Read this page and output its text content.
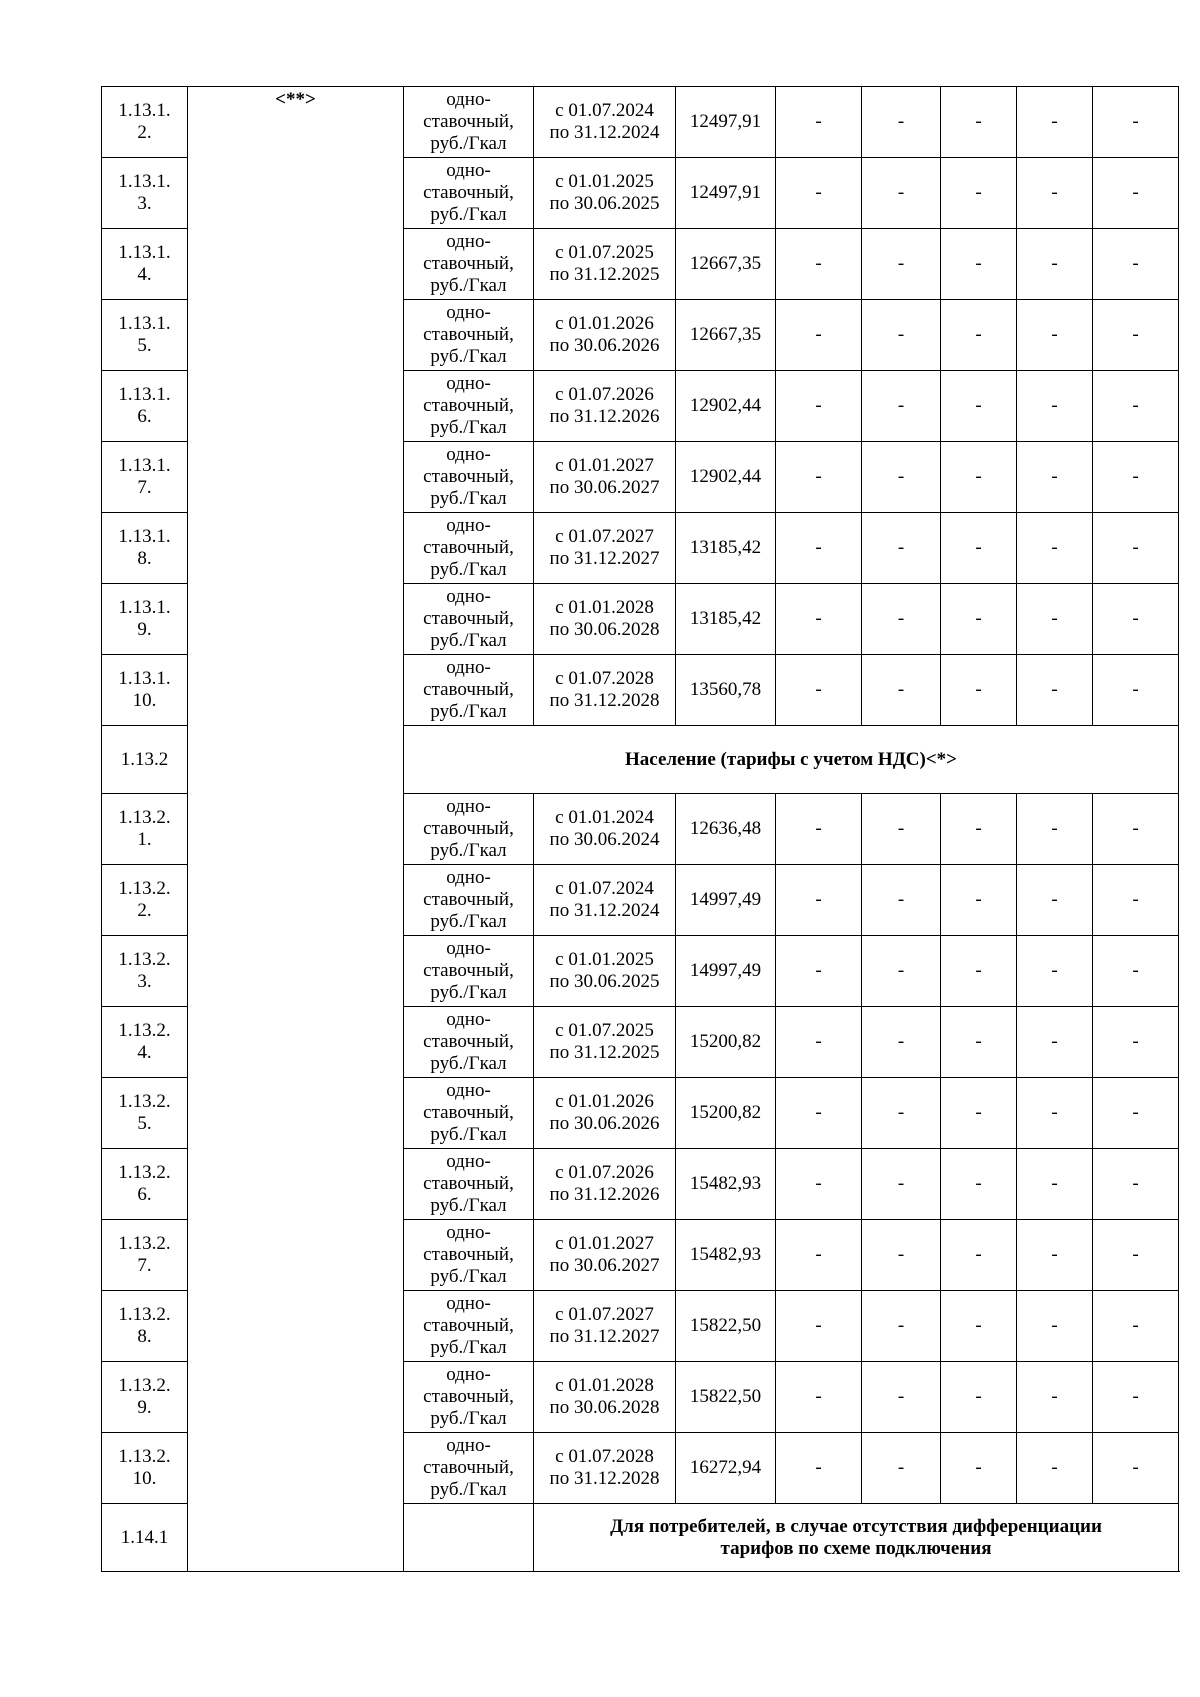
1.13.1.
2.	<**>	одно-
ставочный,
руб./Гкал	с 01.07.2024
по 31.12.2024	12497,91	-	-	-	-	-
1.13.1.
3.		одно-
ставочный,
руб./Гкал	с 01.01.2025
по 30.06.2025	12497,91	-	-	-	-	-
1.13.1.
4.		одно-
ставочный,
руб./Гкал	с 01.07.2025
по 31.12.2025	12667,35	-	-	-	-	-
1.13.1.
5.		одно-
ставочный,
руб./Гкал	с 01.01.2026
по 30.06.2026	12667,35	-	-	-	-	-
1.13.1.
6.		одно-
ставочный,
руб./Гкал	с 01.07.2026
по 31.12.2026	12902,44	-	-	-	-	-
1.13.1.
7.		одно-
ставочный,
руб./Гкал	с 01.01.2027
по 30.06.2027	12902,44	-	-	-	-	-
1.13.1.
8.		одно-
ставочный,
руб./Гкал	с 01.07.2027
по 31.12.2027	13185,42	-	-	-	-	-
1.13.1.
9.		одно-
ставочный,
руб./Гкал	с 01.01.2028
по 30.06.2028	13185,42	-	-	-	-	-
1.13.1.
10.		одно-
ставочный,
руб./Гкал	с 01.07.2028
по 31.12.2028	13560,78	-	-	-	-	-
1.13.2		Население (тарифы с учетом НДС)<*>							
1.13.2.
1.		одно-
ставочный,
руб./Гкал	с 01.01.2024
по 30.06.2024	12636,48	-	-	-	-	-
1.13.2.
2.		одно-
ставочный,
руб./Гкал	с 01.07.2024
по 31.12.2024	14997,49	-	-	-	-	-
1.13.2.
3.		одно-
ставочный,
руб./Гкал	с 01.01.2025
по 30.06.2025	14997,49	-	-	-	-	-
1.13.2.
4.		одно-
ставочный,
руб./Гкал	с 01.07.2025
по 31.12.2025	15200,82	-	-	-	-	-
1.13.2.
5.		одно-
ставочный,
руб./Гкал	с 01.01.2026
по 30.06.2026	15200,82	-	-	-	-	-
1.13.2.
6.		одно-
ставочный,
руб./Гкал	с 01.07.2026
по 31.12.2026	15482,93	-	-	-	-	-
1.13.2.
7.		одно-
ставочный,
руб./Гкал	с 01.01.2027
по 30.06.2027	15482,93	-	-	-	-	-
1.13.2.
8.		одно-
ставочный,
руб./Гкал	с 01.07.2027
по 31.12.2027	15822,50	-	-	-	-	-
1.13.2.
9.		одно-
ставочный,
руб./Гкал	с 01.01.2028
по 30.06.2028	15822,50	-	-	-	-	-
1.13.2.
10.		одно-
ставочный,
руб./Гкал	с 01.07.2028
по 31.12.2028	16272,94	-	-	-	-	-
1.14.1			Для потребителей, в случае отсутствия дифференциации тарифов по схеме подключения						
